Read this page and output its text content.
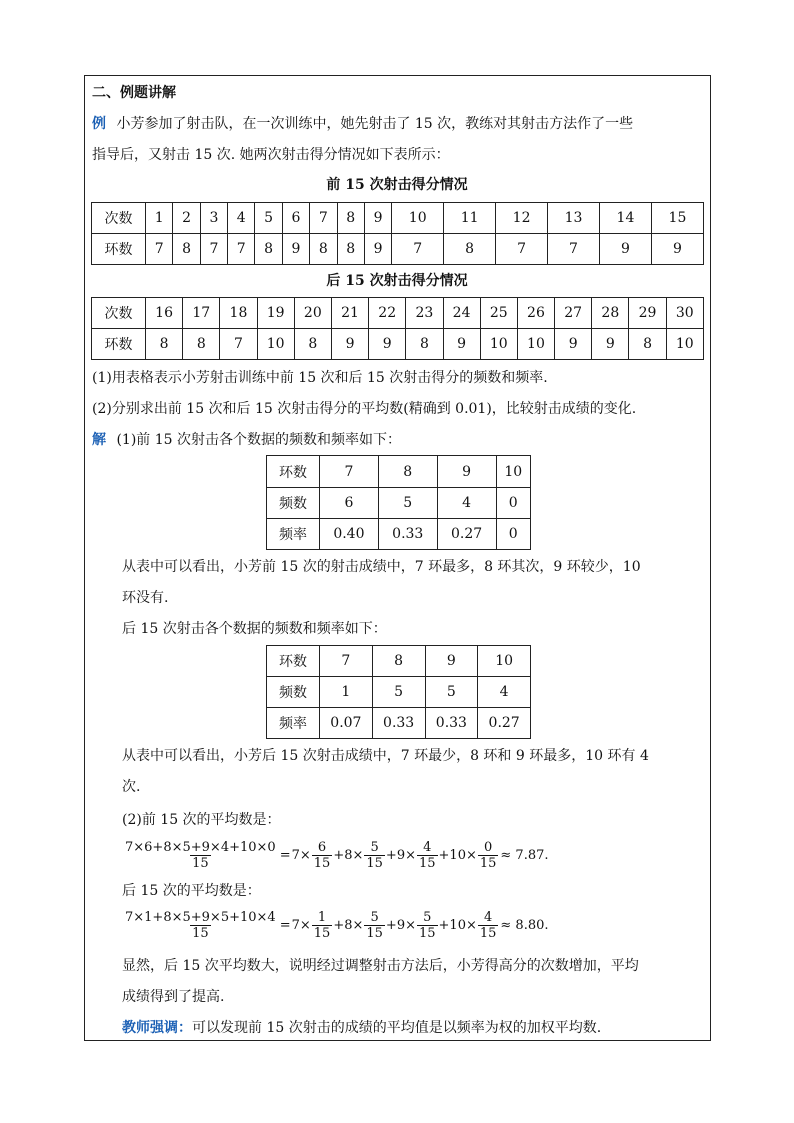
二、例题讲解
例 小芳参加了射击队，在一次训练中，她先射击了 15 次，教练对其射击方法作了一些
指导后，又射击 15 次. 她两次射击得分情况如下表所示：
前 15 次射击得分情况
次数	1	2	3	4	5	6	7	8	9	10	11	12	13	14	15
环数	7	8	7	7	8	9	8	8	9	7	8	7	7	9	9
后 15 次射击得分情况
次数	16	17	18	19	20	21	22	23	24	25	26	27	28	29	30
环数	8	8	7	10	8	9	9	8	9	10	10	9	9	8	10
(1)用表格表示小芳射击训练中前 15 次和后 15 次射击得分的频数和频率.
(2)分别求出前 15 次和后 15 次射击得分的平均数(精确到 0.01)，比较射击成绩的变化.
解 (1)前 15 次射击各个数据的频数和频率如下：
环数	7	8	9	10
频数	6	5	4	0
频率	0.40	0.33	0.27	0
从表中可以看出，小芳前 15 次的射击成绩中，7 环最多，8 环其次，9 环较少，10
环没有.
后 15 次射击各个数据的频数和频率如下：
环数	7	8	9	10
频数	1	5	5	4
频率	0.07	0.33	0.33	0.27
从表中可以看出，小芳后 15 次射击成绩中，7 环最少，8 环和 9 环最多，10 环有 4
次.
(2)前 15 次的平均数是：
$\frac{7\times 6+8\times 5+9\times 4+10\times 0}{15} = 7\times \frac{6}{15} +8\times \frac{5}{15} +9\times \frac{4}{15} +10\times \frac{0}{15} \approx 7.87$.
后 15 次的平均数是：
$\frac{7\times 1+8\times 5+9\times 5+10\times 4}{15} = 7\times \frac{1}{15} +8\times \frac{5}{15} +9\times \frac{5}{15} +10\times \frac{4}{15} \approx 8.80$.
显然，后 15 次平均数大，说明经过调整射击方法后，小芳得高分的次数增加，平均
成绩得到了提高.
教师强调：可以发现前 15 次射击的成绩的平均值是以频率为权的加权平均数.
